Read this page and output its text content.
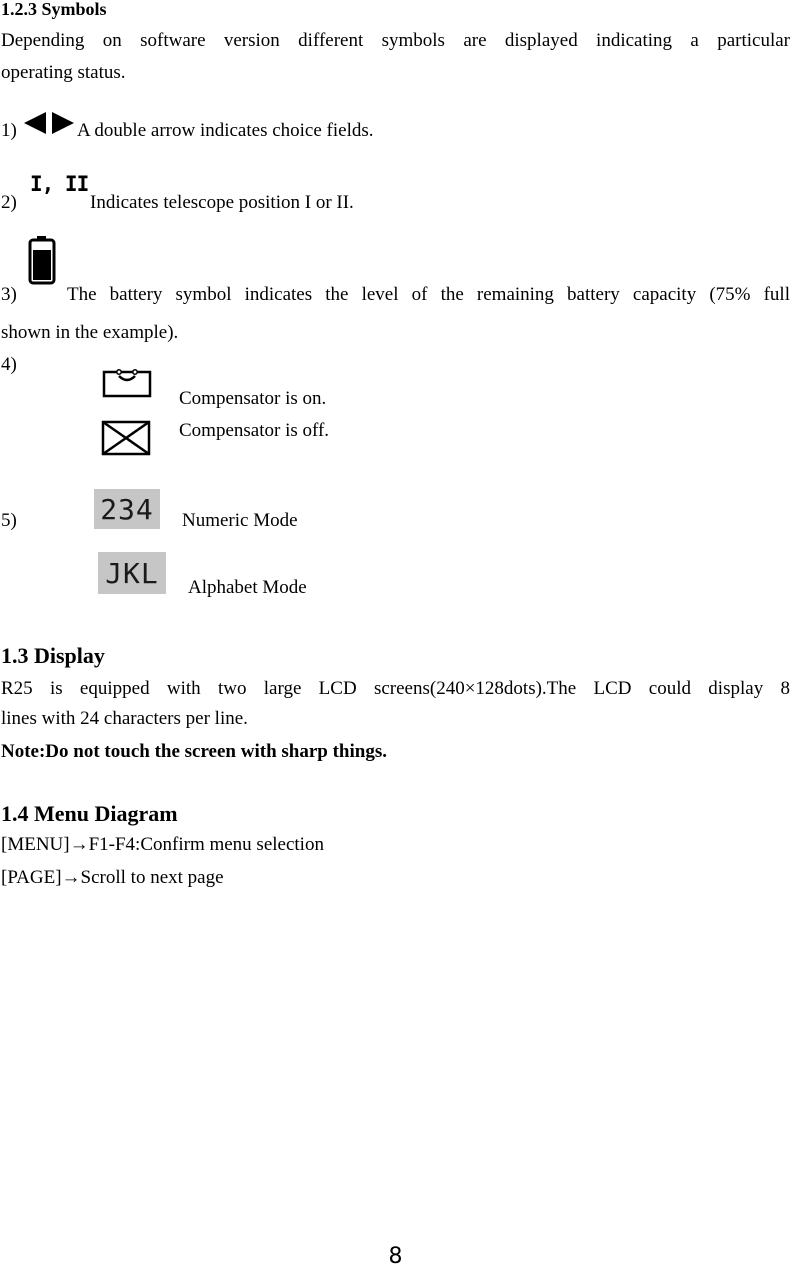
1.2.3 Symbols
Depending on software version different symbols are displayed indicating a particular
operating status.
1)	A double arrow indicates choice fields.
2)
I, II
Indicates telescope position I or II.
3)	The battery symbol indicates the level of the remaining battery capacity (75% full
shown in the example).
4)
Compensator is on.
Compensator is off.
5)	234	Numeric Mode
JKL	Alphabet Mode
1.3 Display
R25 is equipped with two large LCD screens(240×128dots).The LCD could display 8
lines with 24 characters per line.
Note:Do not touch the screen with sharp things.
1.4 Menu Diagram
[MENU]→F1-F4:Confirm menu selection
[PAGE]→Scroll to next page
8
